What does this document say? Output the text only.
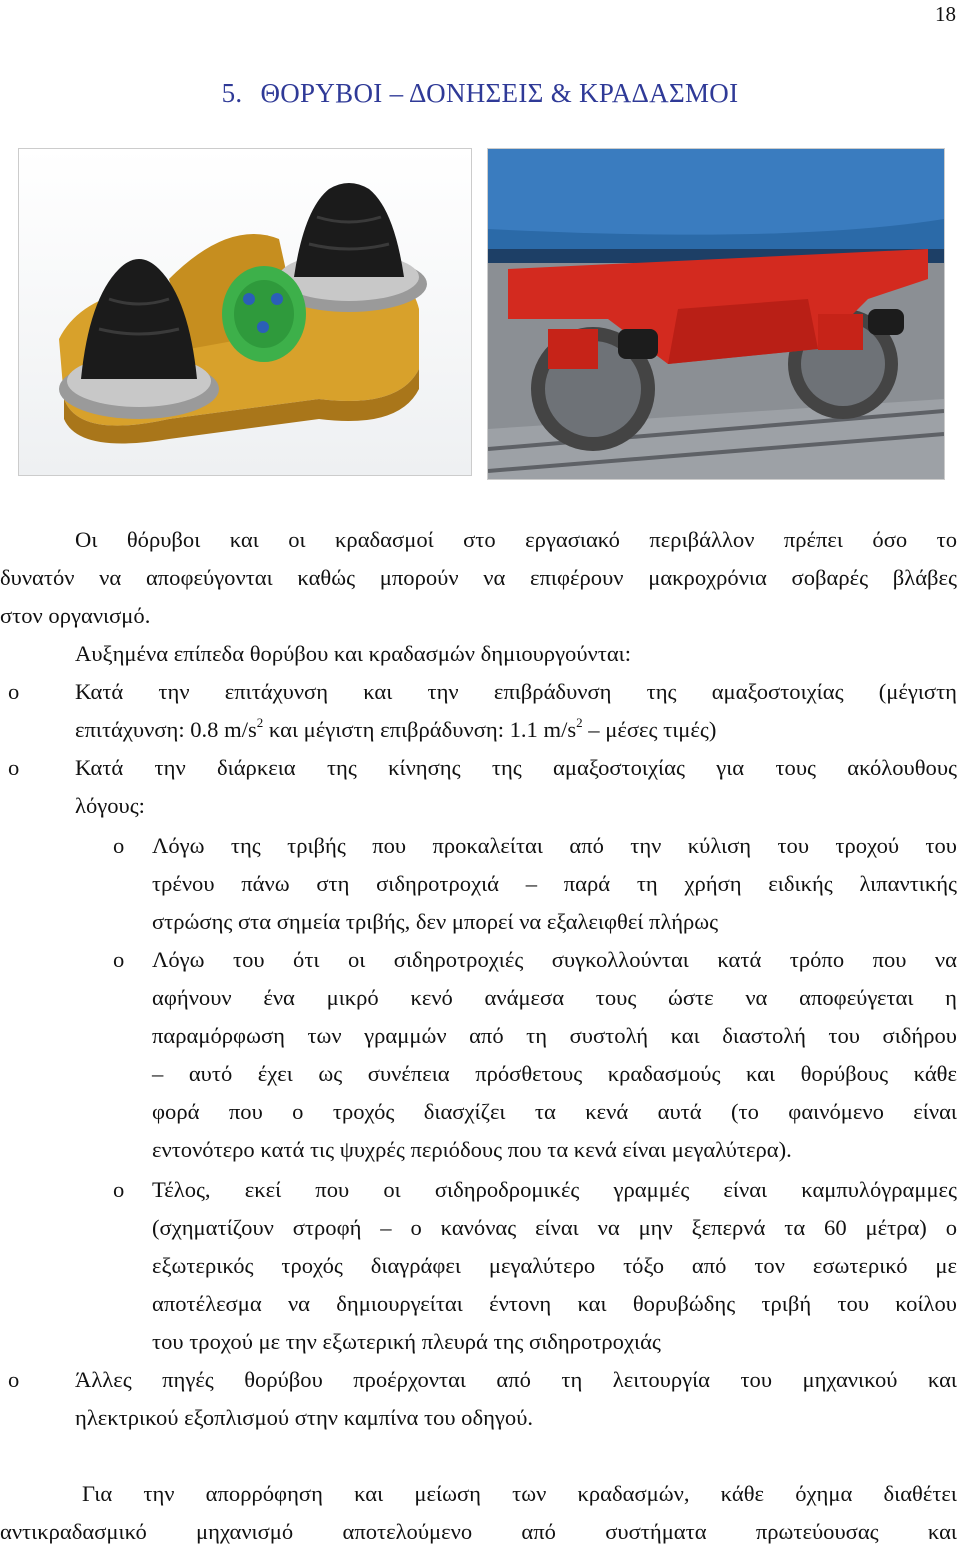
18
5. ΘΟΡΥΒΟΙ – ΔΟΝΗΣΕΙΣ & ΚΡΑΔΑΣΜΟΙ
Οι θόρυβοι και οι κραδασμοί στο εργασιακό περιβάλλον πρέπει όσο το
δυνατόν να αποφεύγονται καθώς μπορούν να επιφέρουν μακροχρόνια σοβαρές βλάβες
στον οργανισμό.
Αυξημένα επίπεδα θορύβου και κραδασμών δημιουργούνται:
o Κατά την επιτάχυνση και την επιβράδυνση της αμαξοστοιχίας (μέγιστη
επιτάχυνση: 0.8 $m/s^2$ και μέγιστη επιβράδυνση: 1.1 $m/s^2$ – μέσες τιμές)
o Κατά την διάρκεια της κίνησης της αμαξοστοιχίας για τους ακόλουθους
λόγους:
o Λόγω της τριβής που προκαλείται από την κύλιση του τροχού του
τρένου πάνω στη σιδηροτροχιά – παρά τη χρήση ειδικής λιπαντικής
στρώσης στα σημεία τριβής, δεν μπορεί να εξαλειφθεί πλήρως
o Λόγω του ότι οι σιδηροτροχιές συγκολλούνται κατά τρόπο που να
αφήνουν ένα μικρό κενό ανάμεσα τους ώστε να αποφεύγεται η
παραμόρφωση των γραμμών από τη συστολή και διαστολή του σιδήρου
– αυτό έχει ως συνέπεια πρόσθετους κραδασμούς και θορύβους κάθε
φορά που ο τροχός διασχίζει τα κενά αυτά (το φαινόμενο είναι
εντονότερο κατά τις ψυχρές περιόδους που τα κενά είναι μεγαλύτερα).
o Τέλος, εκεί που οι σιδηροδρομικές γραμμές είναι καμπυλόγραμμες
(σχηματίζουν στροφή – ο κανόνας είναι να μην ξεπερνά τα 60 μέτρα) ο
εξωτερικός τροχός διαγράφει μεγαλύτερο τόξο από τον εσωτερικό με
αποτέλεσμα να δημιουργείται έντονη και θορυβώδης τριβή του κοίλου
του τροχού με την εξωτερική πλευρά της σιδηροτροχιάς
o Άλλες πηγές θορύβου προέρχονται από τη λειτουργία του μηχανικού και
ηλεκτρικού εξοπλισμού στην καμπίνα του οδηγού.
Για την απορρόφηση και μείωση των κραδασμών, κάθε όχημα διαθέτει
αντικραδασμικό μηχανισμό αποτελούμενο από συστήματα πρωτεύουσας και
